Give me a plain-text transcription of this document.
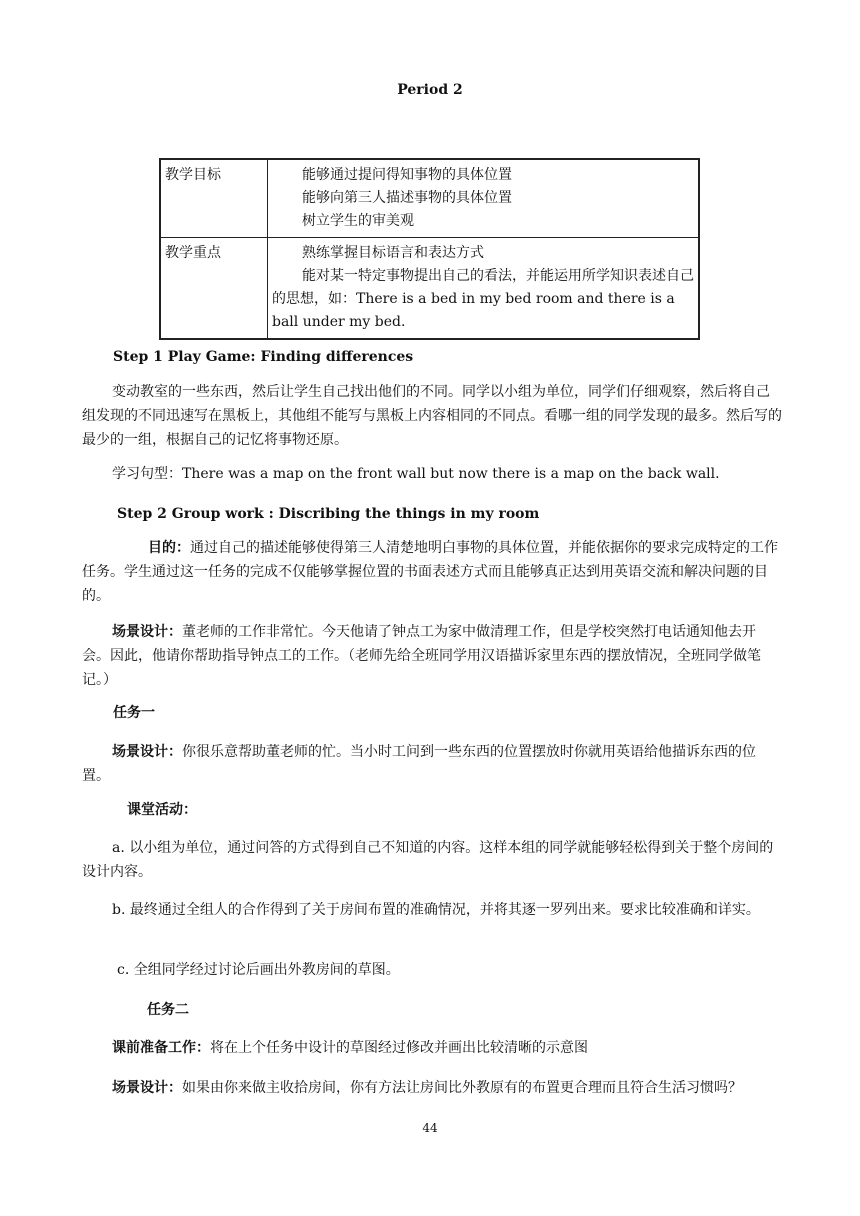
Period 2
教学目标	能够通过提问得知事物的具体位置
能够向第三人描述事物的具体位置
树立学生的审美观

教学重点	熟练掌握目标语言和表达方式
能对某一特定事物提出自己的看法，并能运用所学知识表述自己的思想，如：There is a bed in my bed room and there is a ball under my bed.
Step 1 Play Game: Finding differences
变动教室的一些东西，然后让学生自己找出他们的不同。同学以小组为单位，同学们仔细观察，然后将自己组发现的不同迅速写在黑板上，其他组不能写与黑板上内容相同的不同点。看哪一组的同学发现的最多。然后写的最少的一组，根据自己的记忆将事物还原。
学习句型：There was a map on the front wall but now there is a map on the back wall.
Step 2 Group work : Discribing the things in my room
目的：通过自己的描述能够使得第三人清楚地明白事物的具体位置，并能依据你的要求完成特定的工作任务。学生通过这一任务的完成不仅能够掌握位置的书面表述方式而且能够真正达到用英语交流和解决问题的目的。
场景设计：董老师的工作非常忙。今天他请了钟点工为家中做清理工作，但是学校突然打电话通知他去开会。因此，他请你帮助指导钟点工的工作。（老师先给全班同学用汉语描诉家里东西的摆放情况，全班同学做笔记。）
任务一
场景设计：你很乐意帮助董老师的忙。当小时工问到一些东西的位置摆放时你就用英语给他描诉东西的位置。
课堂活动：
a. 以小组为单位，通过问答的方式得到自己不知道的内容。这样本组的同学就能够轻松得到关于整个房间的设计内容。
b. 最终通过全组人的合作得到了关于房间布置的准确情况，并将其逐一罗列出来。要求比较准确和详实。
c. 全组同学经过讨论后画出外教房间的草图。
任务二
课前准备工作：将在上个任务中设计的草图经过修改并画出比较清晰的示意图
场景设计：如果由你来做主收拾房间，你有方法让房间比外教原有的布置更合理而且符合生活习惯吗？
44
